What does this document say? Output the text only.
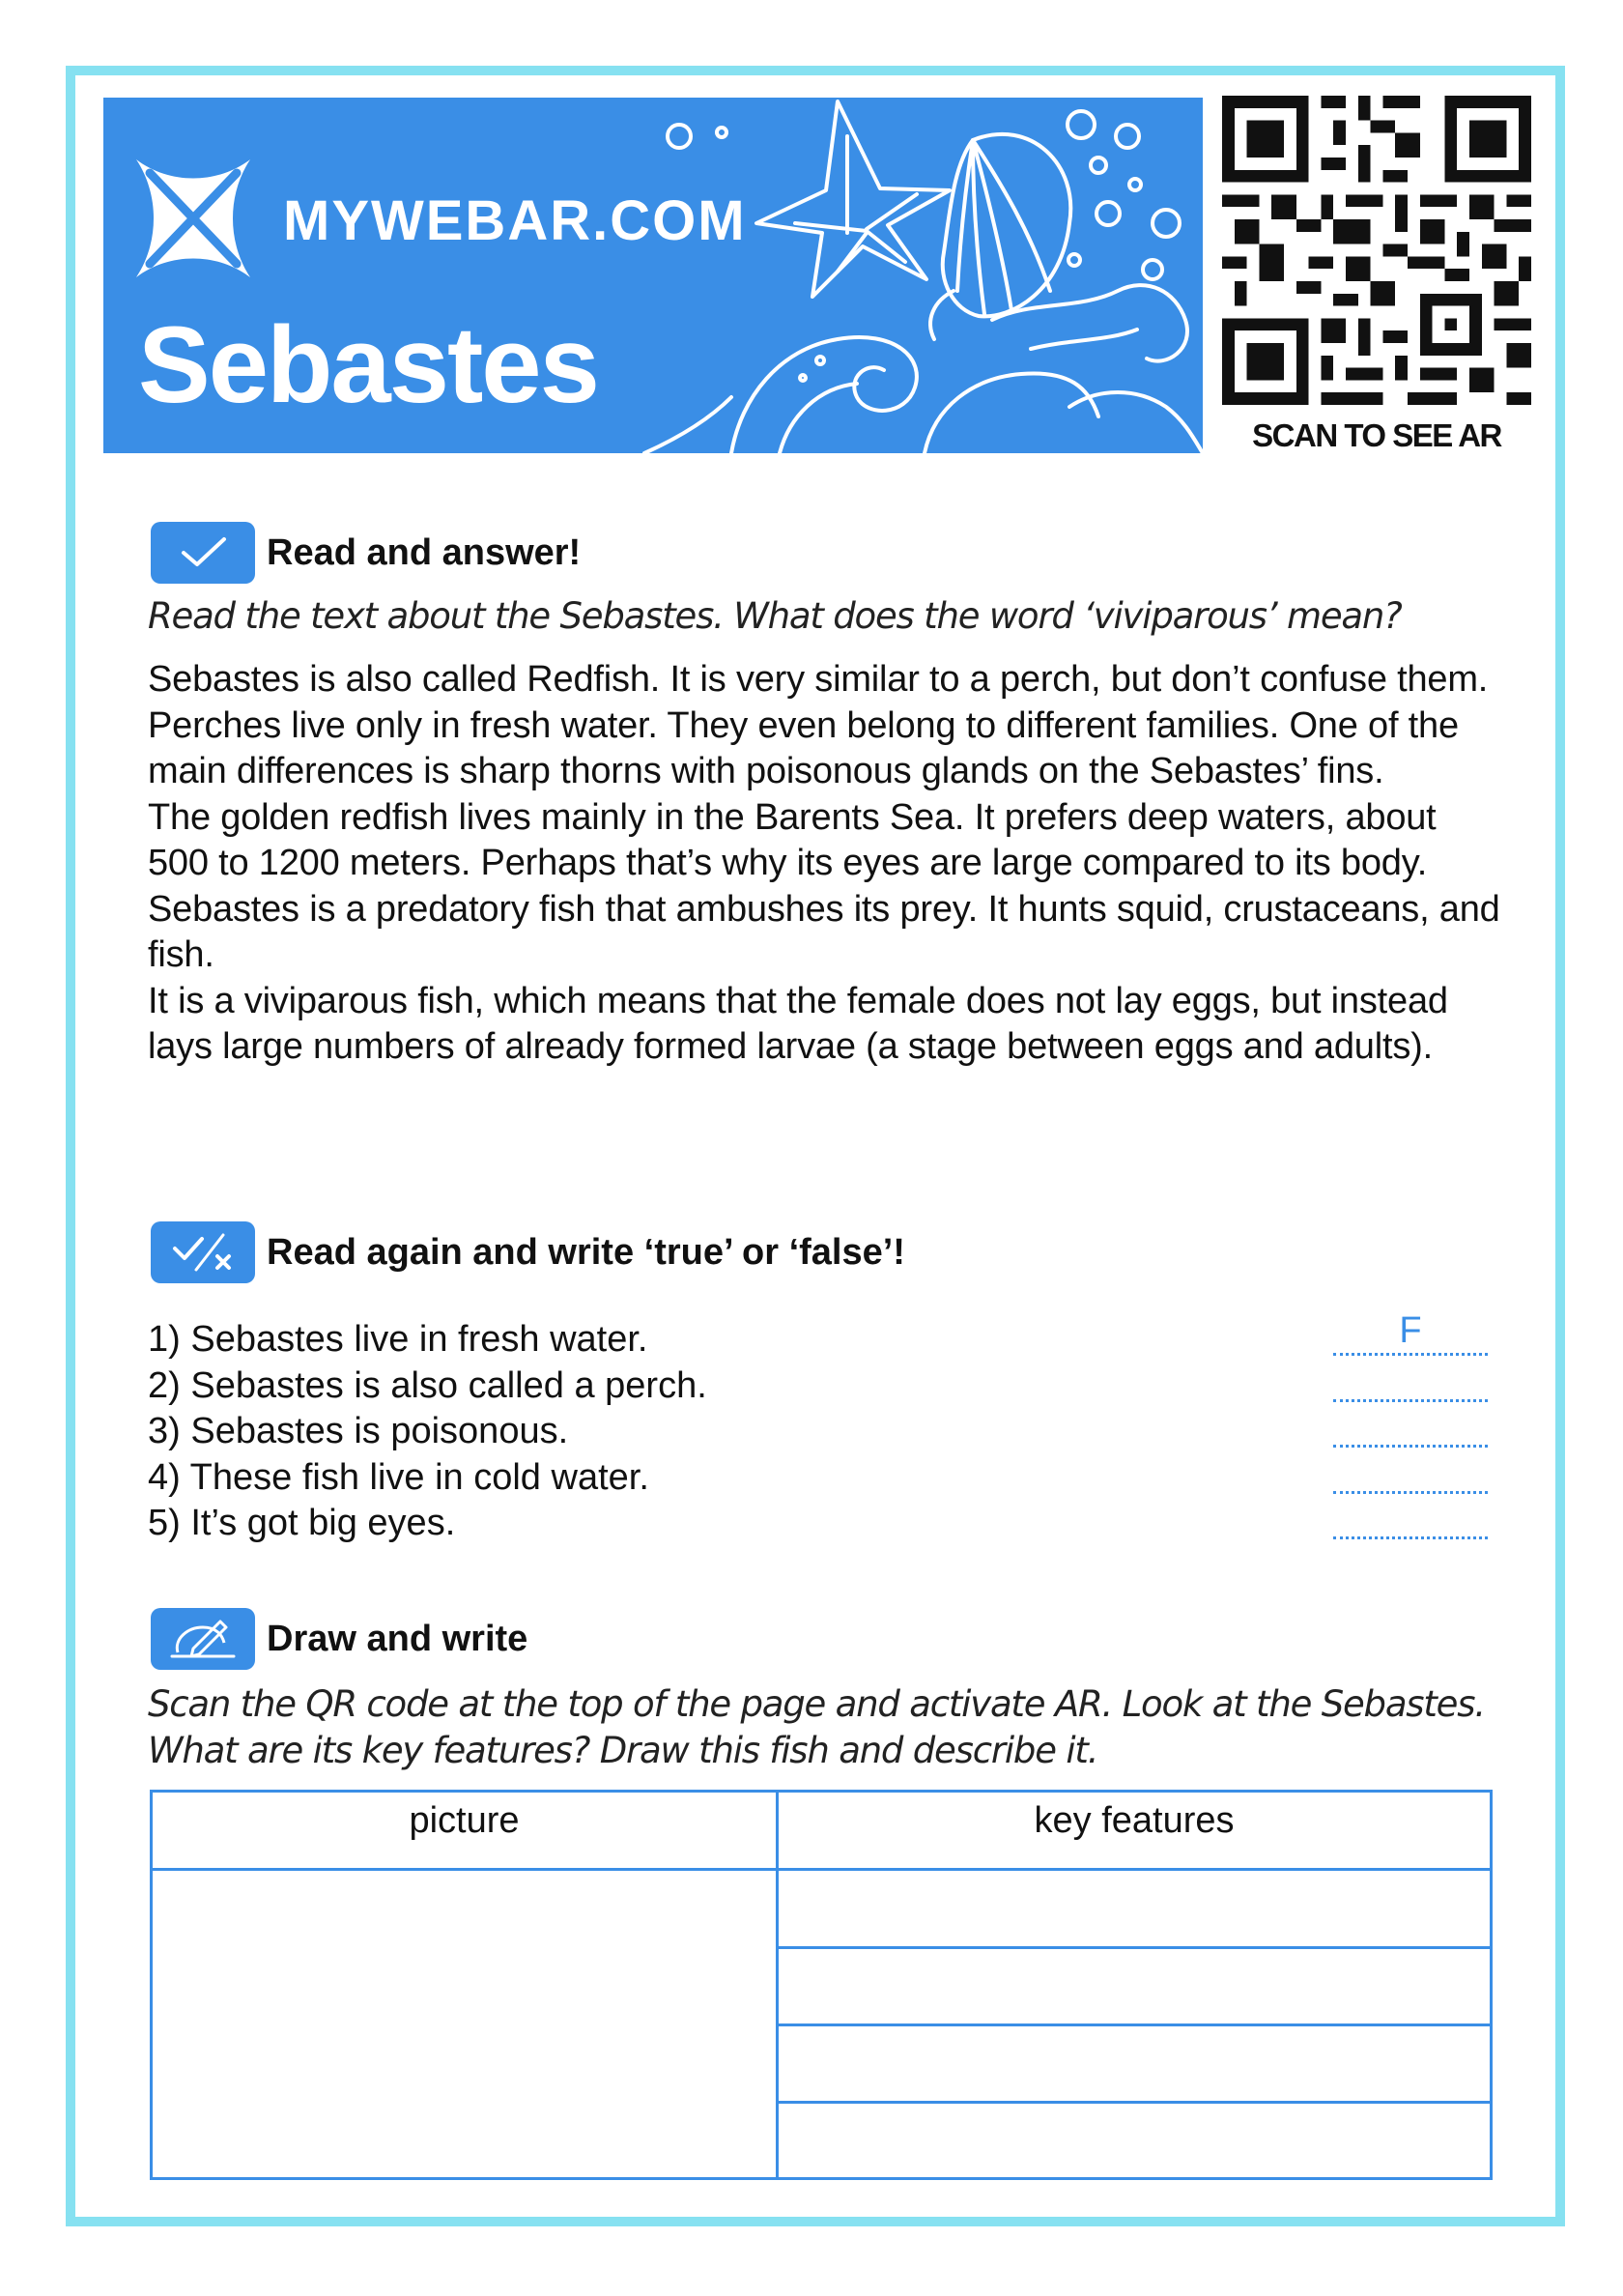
MYWEBAR.COM
Sebastes
SCAN TO SEE AR
Read and answer!
Read the text about the Sebastes. What does the word ‘viviparous’ mean?

Sebastes is also called Redfish. It is very similar to a perch, but don’t confuse them. Perches live only in fresh water. They even belong to different families. One of the main differences is sharp thorns with poisonous glands on the Sebastes’ fins.

The golden redfish lives mainly in the Barents Sea. It prefers deep waters, about 500 to 1200 meters. Perhaps that’s why its eyes are large compared to its body. Sebastes is a predatory fish that ambushes its prey. It hunts squid, crustaceans, and fish.

It is a viviparous fish, which means that the female does not lay eggs, but instead lays large numbers of already formed larvae (a stage between eggs and adults).

Read again and write ‘true’ or ‘false’!
1) Sebastes live in fresh water.	F
2) Sebastes is also called a perch.
3) Sebastes is poisonous.
4) These fish live in cold water.
5) It’s got big eyes.
Draw and write
Scan the QR code at the top of the page and activate AR. Look at the Sebastes.
What are its key features? Draw this fish and describe it.
picture	key features
